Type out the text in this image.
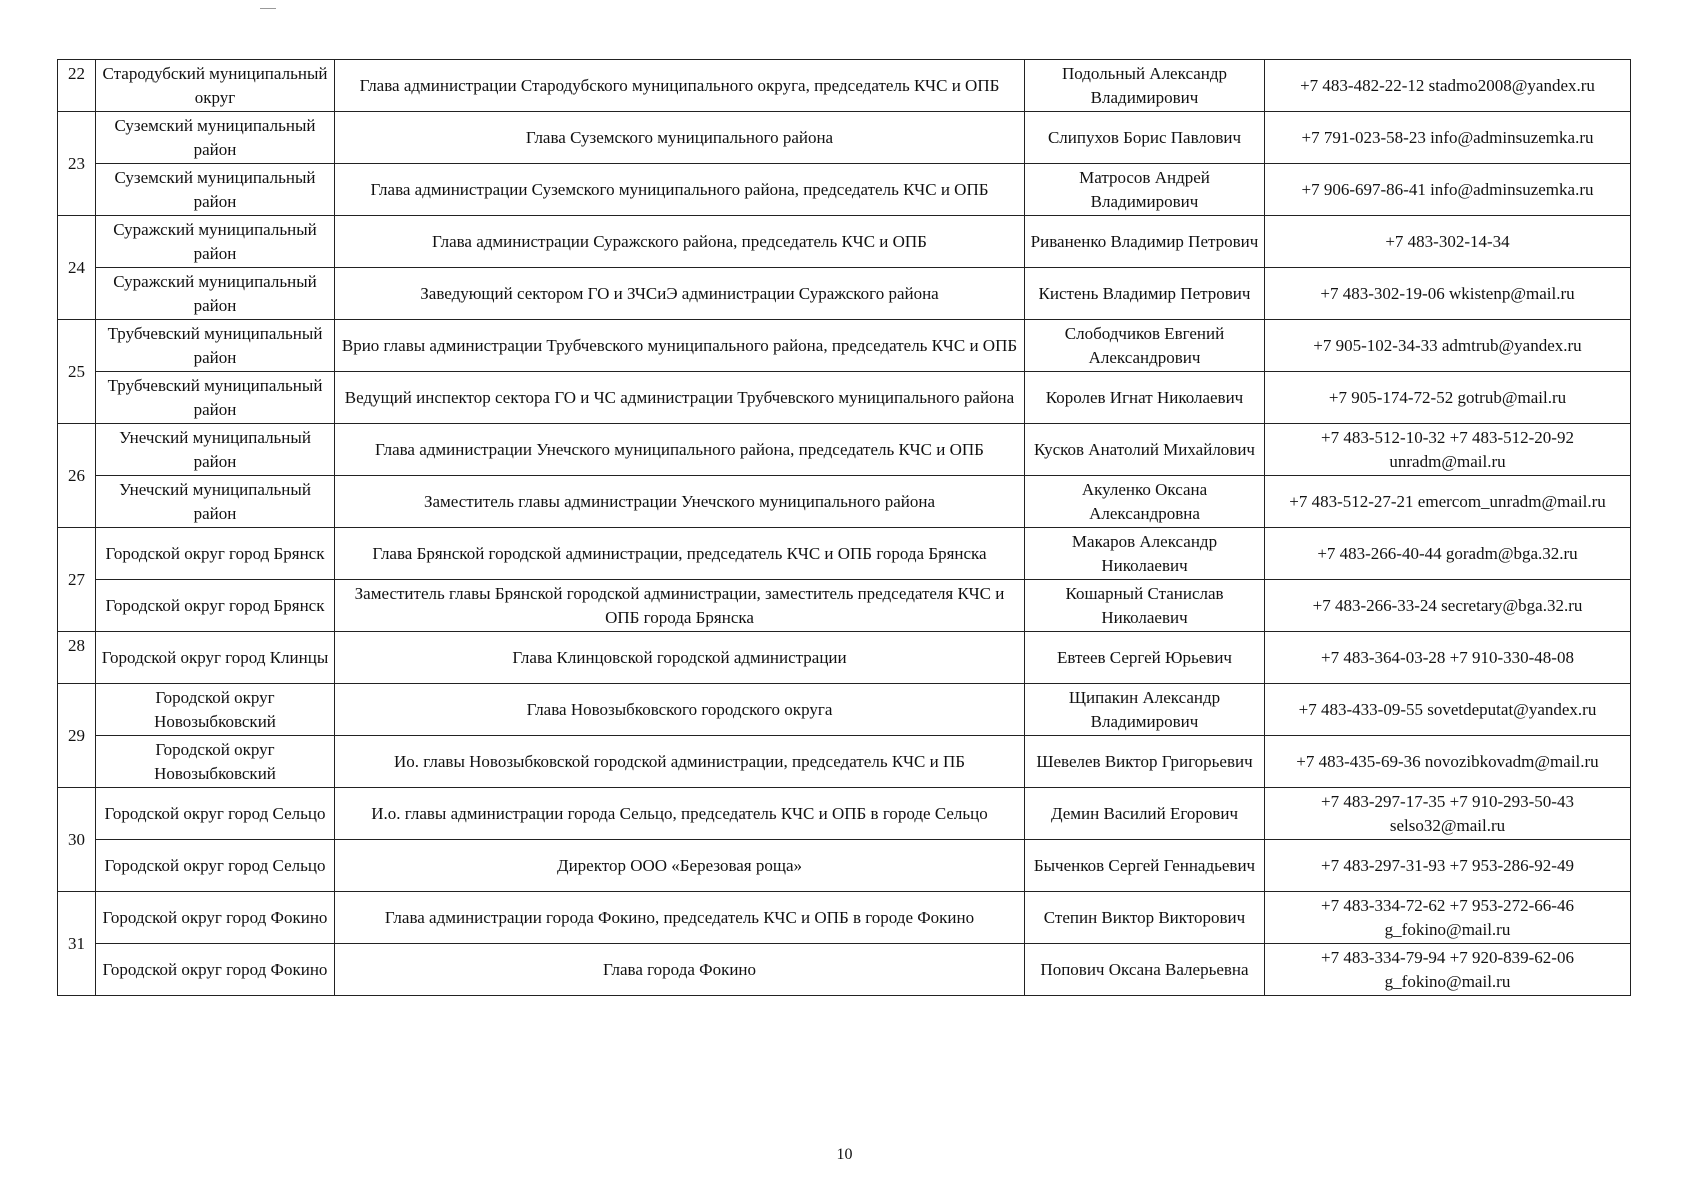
22	Стародубский муниципальный округ	Глава администрации Стародубского муниципального округа, председатель КЧС и ОПБ	Подольный Александр Владимирович	+7 483-482-22-12 stadmo2008@yandex.ru
23	Суземский муниципальный район	Глава Суземского муниципального района	Слипухов Борис Павлович	+7 791-023-58-23 info@adminsuzemka.ru
	Суземский муниципальный район	Глава администрации Суземского муниципального района, председатель КЧС и ОПБ	Матросов Андрей Владимирович	+7 906-697-86-41 info@adminsuzemka.ru
24	Суражский муниципальный район	Глава администрации Суражского района, председатель КЧС и ОПБ	Риваненко Владимир Петрович	+7 483-302-14-34
	Суражский муниципальный район	Заведующий сектором ГО и ЗЧСиЭ администрации Суражского района	Кистень Владимир Петрович	+7 483-302-19-06 wkistenp@mail.ru
25	Трубчевский муниципальный район	Врио главы администрации Трубчевского муниципального района, председатель КЧС и ОПБ	Слободчиков Евгений Александрович	+7 905-102-34-33 admtrub@yandex.ru
	Трубчевский муниципальный район	Ведущий инспектор сектора ГО и ЧС администрации Трубчевского муниципального района	Королев Игнат Николаевич	+7 905-174-72-52 gotrub@mail.ru
26	Унечский муниципальный район	Глава администрации Унечского муниципального района, председатель КЧС и ОПБ	Кусков Анатолий Михайлович	+7 483-512-10-32 +7 483-512-20-92 unradm@mail.ru
	Унечский муниципальный район	Заместитель главы администрации Унечского муниципального района	Акуленко Оксана Александровна	+7 483-512-27-21 emercom_unradm@mail.ru
27	Городской округ город Брянск	Глава Брянской городской администрации, председатель КЧС и ОПБ города Брянска	Макаров Александр Николаевич	+7 483-266-40-44 goradm@bga.32.ru
	Городской округ город Брянск	Заместитель главы Брянской городской администрации, заместитель председателя КЧС и ОПБ города Брянска	Кошарный Станислав Николаевич	+7 483-266-33-24 secretary@bga.32.ru
28	Городской округ город Клинцы	Глава Клинцовской городской администрации	Евтеев Сергей Юрьевич	+7 483-364-03-28 +7 910-330-48-08
29	Городской округ Новозыбковский	Глава Новозыбковского городского округа	Щипакин Александр Владимирович	+7 483-433-09-55 sovetdeputat@yandex.ru
	Городской округ Новозыбковский	Ио. главы Новозыбковской городской администрации, председатель КЧС и ПБ	Шевелев Виктор Григорьевич	+7 483-435-69-36 novozibkovadm@mail.ru
30	Городской округ город Сельцо	И.о. главы администрации города Сельцо, председатель КЧС и ОПБ в городе Сельцо	Демин Василий Егорович	+7 483-297-17-35 +7 910-293-50-43 selso32@mail.ru
	Городской округ город Сельцо	Директор ООО «Березовая роща»	Быченков Сергей Геннадьевич	+7 483-297-31-93 +7 953-286-92-49
31	Городской округ город Фокино	Глава администрации города Фокино, председатель КЧС и ОПБ в городе Фокино	Степин Виктор Викторович	+7 483-334-72-62 +7 953-272-66-46 g_fokino@mail.ru
	Городской округ город Фокино	Глава города Фокино	Попович Оксана Валерьевна	+7 483-334-79-94 +7 920-839-62-06 g_fokino@mail.ru
10
